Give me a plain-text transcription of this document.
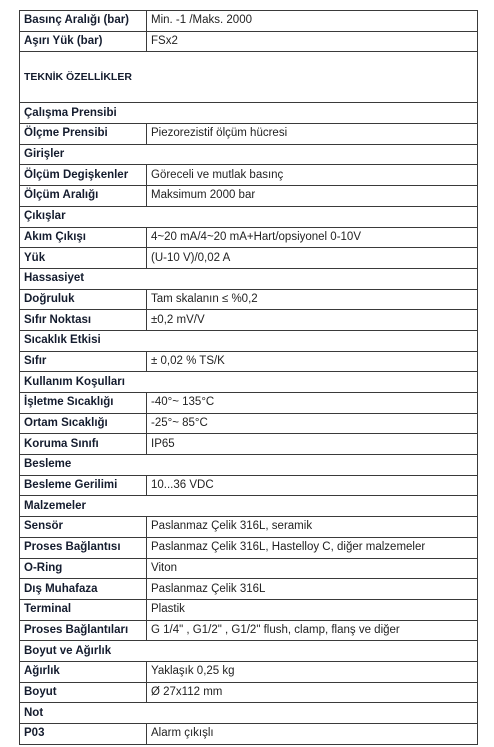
Basınç Aralığı (bar)	Min. -1 /Maks. 2000
Aşırı Yük (bar)	FSx2
TEKNİK ÖZELLİKLER	
Çalışma Prensibi	
Ölçme Prensibi	Piezorezistif ölçüm hücresi
Girişler	
Ölçüm Degişkenler	Göreceli ve mutlak basınç
Ölçüm Aralığı	Maksimum 2000 bar
Çıkışlar	
Akım Çıkışı	4~20 mA/4~20 mA+Hart/opsiyonel 0-10V
Yük	(U-10 V)/0,02 A
Hassasiyet	
Doğruluk	Tam skalanın ≤ %0,2
Sıfır Noktası	±0,2 mV/V
Sıcaklık Etkisi	
Sıfır	± 0,02 % TS/K
Kullanım Koşulları	
İşletme Sıcaklığı	-40°~ 135°C
Ortam Sıcaklığı	-25°~ 85°C
Koruma Sınıfı	IP65
Besleme	
Besleme Gerilimi	10...36 VDC
Malzemeler	
Sensör	Paslanmaz Çelik 316L, seramik
Proses Bağlantısı	Paslanmaz Çelik 316L, Hastelloy C, diğer malzemeler
O-Ring	Viton
Dış Muhafaza	Paslanmaz Çelik 316L
Terminal	Plastik
Proses Bağlantıları	G 1/4" , G1/2" , G1/2" flush, clamp, flanş ve diğer
Boyut ve Ağırlık	
Ağırlık	Yaklaşık 0,25 kg
Boyut	Ø 27x112 mm
Not	
P03	Alarm çıkışlı
